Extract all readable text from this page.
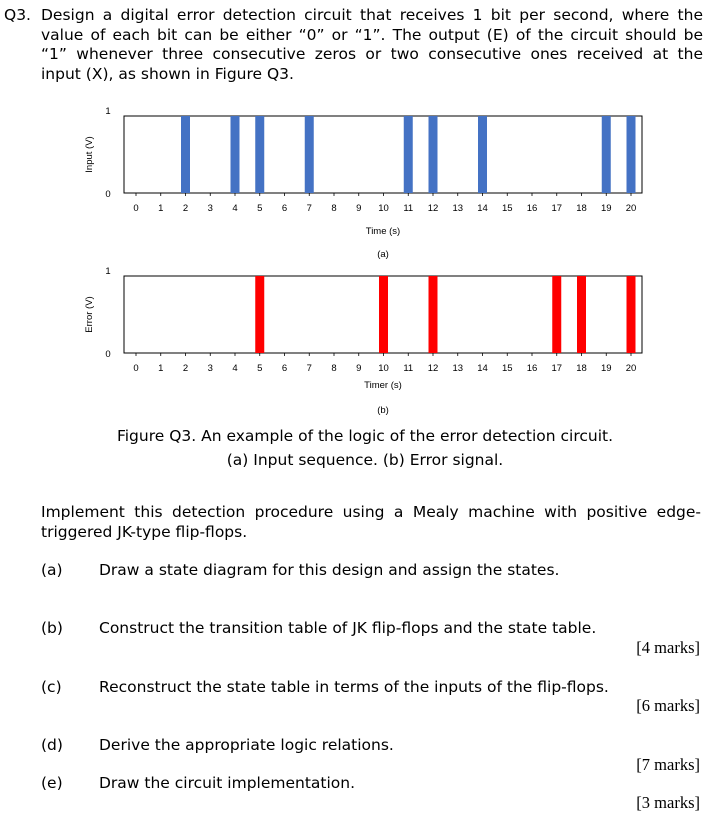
Q3. Design a digital error detection circuit that receives 1 bit per second, where the
value of each bit can be either “0” or “1”. The output (E) of the circuit should be
“1” whenever three consecutive zeros or two consecutive ones received at the
input (X), as shown in Figure Q3.
0 1 2 3 4 5 6 7 8 9 10 11 12 13 14 15 16 17 18 19 20
0
1
Input (V)
Time (s)
(a)
0 1 2 3 4 5 6 7 8 9 10 11 12 13 14 15 16 17 18 19 20
0
1
Error (V)
Timer (s)
(b)
Figure Q3. An example of the logic of the error detection circuit.
(a) Input sequence. (b) Error signal.
Implement this detection procedure using a Mealy machine with positive edge-
triggered JK-type flip-flops.
(a) Draw a state diagram for this design and assign the states.
(b) Construct the transition table of JK flip-flops and the state table.
[4 marks]
(c) Reconstruct the state table in terms of the inputs of the flip-flops.
[6 marks]
(d) Derive the appropriate logic relations.
[7 marks]
(e) Draw the circuit implementation.
[3 marks]
